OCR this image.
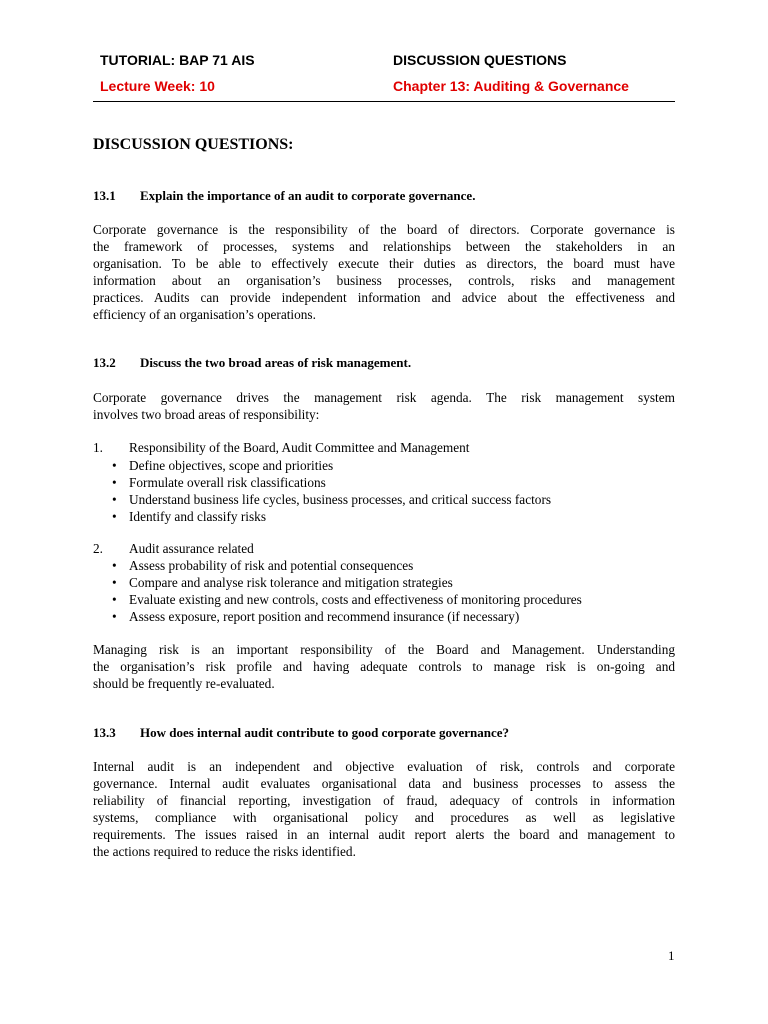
TUTORIAL: BAP 71 AIS	DISCUSSION QUESTIONS
Lecture Week: 10	Chapter 13: Auditing & Governance
DISCUSSION QUESTIONS:
13.1 Explain the importance of an audit to corporate governance.
Corporate governance is the responsibility of the board of directors. Corporate governance is
the framework of processes, systems and relationships between the stakeholders in an
organisation. To be able to effectively execute their duties as directors, the board must have
information about an organisation’s business processes, controls, risks and management
practices. Audits can provide independent information and advice about the effectiveness and
efficiency of an organisation’s operations.
13.2 Discuss the two broad areas of risk management.
Corporate governance drives the management risk agenda. The risk management system
involves two broad areas of responsibility:
1. Responsibility of the Board, Audit Committee and Management
• Define objectives, scope and priorities
• Formulate overall risk classifications
• Understand business life cycles, business processes, and critical success factors
• Identify and classify risks
2. Audit assurance related
• Assess probability of risk and potential consequences
• Compare and analyse risk tolerance and mitigation strategies
• Evaluate existing and new controls, costs and effectiveness of monitoring procedures
• Assess exposure, report position and recommend insurance (if necessary)
Managing risk is an important responsibility of the Board and Management. Understanding
the organisation’s risk profile and having adequate controls to manage risk is on-going and
should be frequently re-evaluated.
13.3 How does internal audit contribute to good corporate governance?
Internal audit is an independent and objective evaluation of risk, controls and corporate
governance. Internal audit evaluates organisational data and business processes to assess the
reliability of financial reporting, investigation of fraud, adequacy of controls in information
systems, compliance with organisational policy and procedures as well as legislative
requirements. The issues raised in an internal audit report alerts the board and management to
the actions required to reduce the risks identified.
1
